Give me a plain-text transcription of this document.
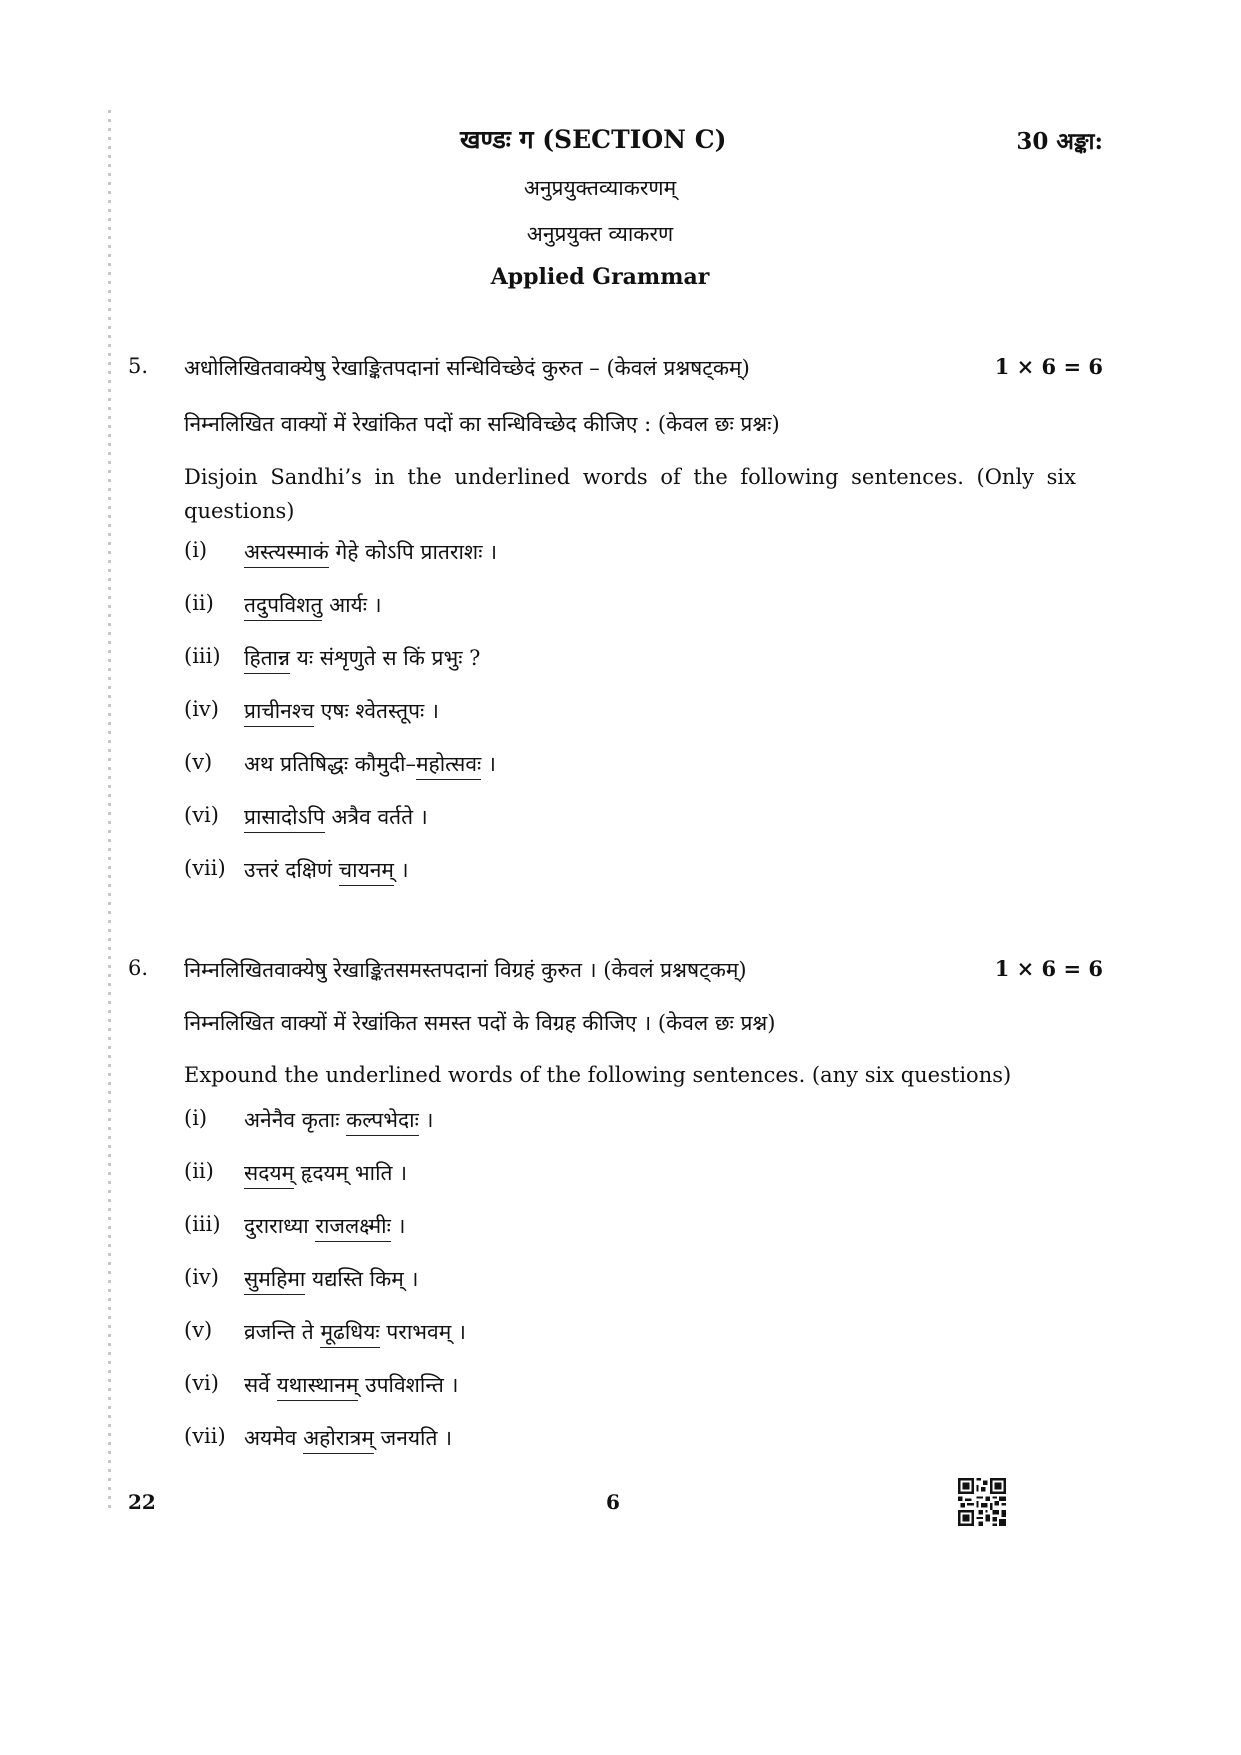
खण्डः ग (SECTION C)	30 अङ्का:
अनुप्रयुक्तव्याकरणम्
अनुप्रयुक्त व्याकरण
Applied Grammar
5. अधोलिखितवाक्येषु रेखाङ्कितपदानां सन्धिविच्छेदं कुरुत – (केवलं प्रश्नषट्कम्)	1 × 6 = 6
निम्नलिखित वाक्यों में रेखांकित पदों का सन्धिविच्छेद कीजिए : (केवल छः प्रश्नः)
Disjoin Sandhi’s in the underlined words of the following sentences. (Only six questions)
(i) अस्त्यस्माकं गेहे कोऽपि प्रातराशः ।
(ii) तदुपविशतु आर्यः ।
(iii) हितान्न यः संशृणुते स किं प्रभुः ?
(iv) प्राचीनश्च एषः श्वेतस्तूपः ।
(v) अथ प्रतिषिद्धः कौमुदी–महोत्सवः ।
(vi) प्रासादोऽपि अत्रैव वर्तते ।
(vii) उत्तरं दक्षिणं चायनम् ।
6. निम्नलिखितवाक्येषु रेखाङ्कितसमस्तपदानां विग्रहं कुरुत । (केवलं प्रश्नषट्कम्)	1 × 6 = 6
निम्नलिखित वाक्यों में रेखांकित समस्त पदों के विग्रह कीजिए । (केवल छः प्रश्न)
Expound the underlined words of the following sentences. (any six questions)
(i) अनेनैव कृताः कल्पभेदाः ।
(ii) सदयम् हृदयम् भाति ।
(iii) दुराराध्या राजलक्ष्मीः ।
(iv) सुमहिमा यद्यस्ति किम् ।
(v) व्रजन्ति ते मूढधियः पराभवम् ।
(vi) सर्वे यथास्थानम् उपविशन्ति ।
(vii) अयमेव अहोरात्रम् जनयति ।
22	6
